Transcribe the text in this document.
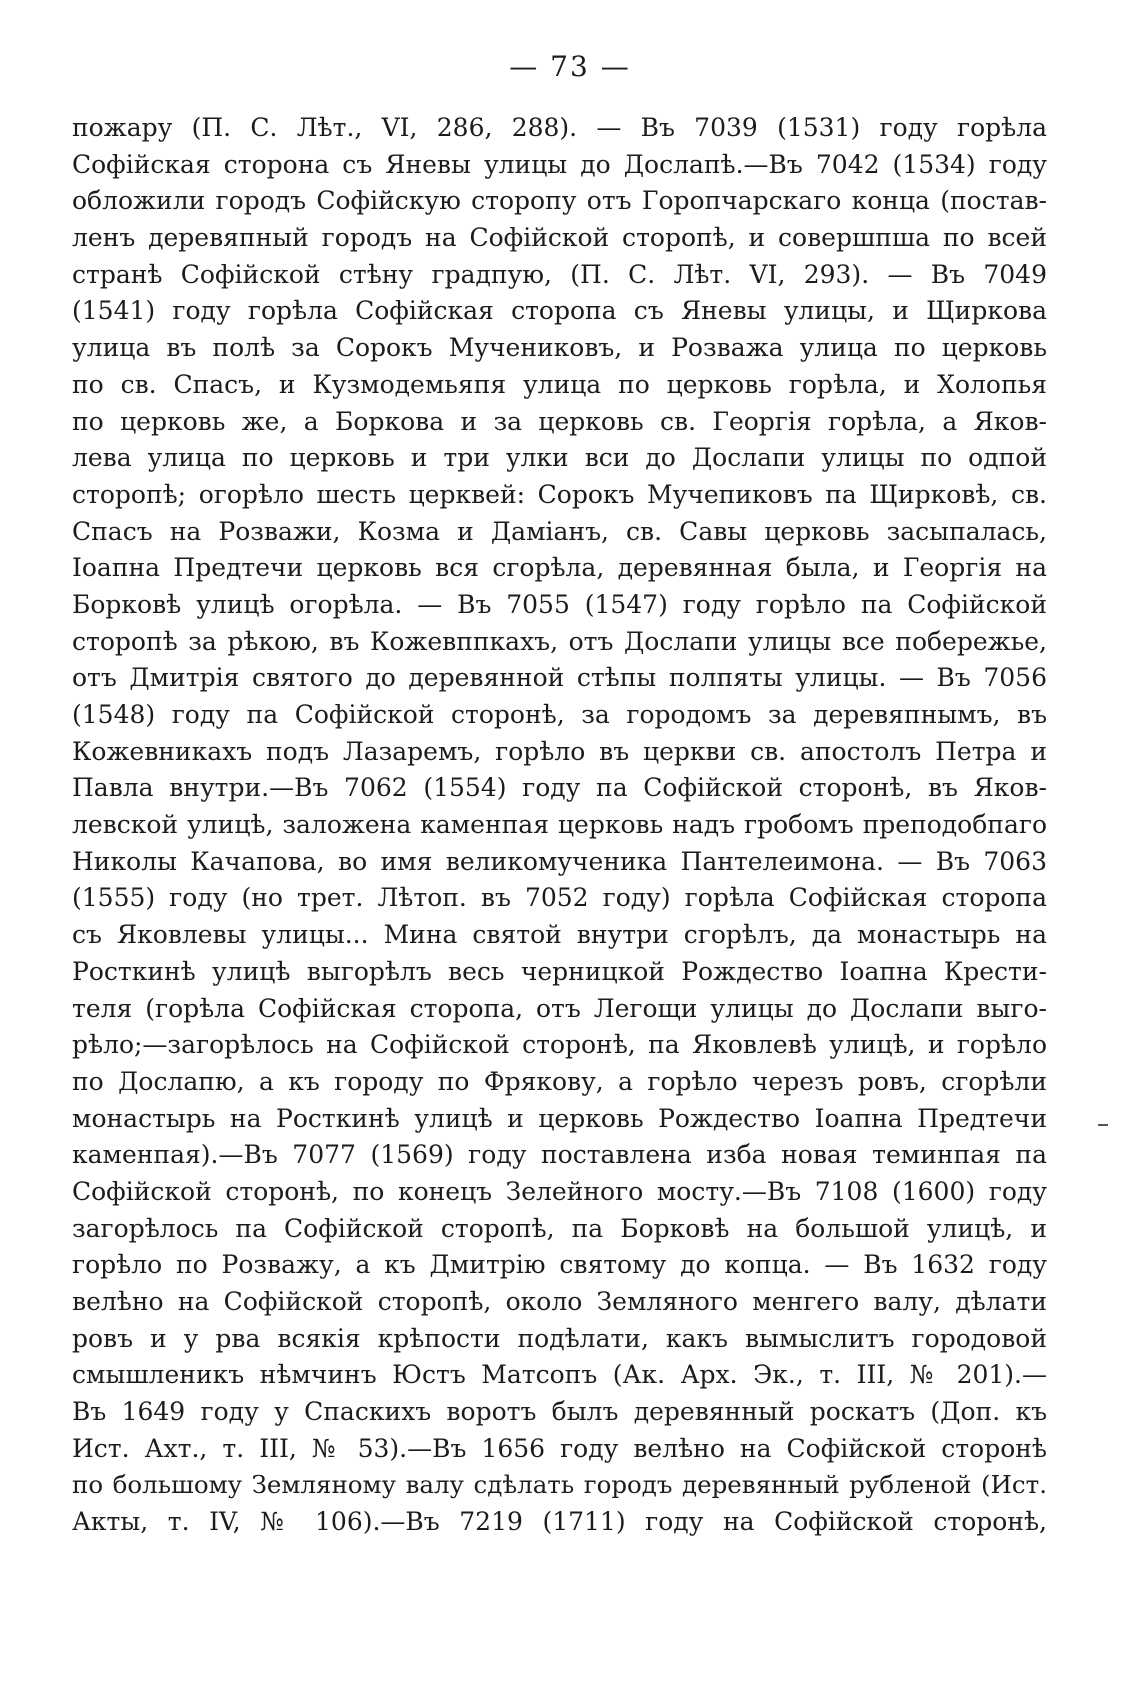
— 73 —
пожару (П. С. Лѣт., VI, 286, 288). — Въ 7039 (1531) году горѣла
Софiйская сторона съ Яневы улицы до Дослапѣ.—Въ 7042 (1534) году
обложили городъ Софiйскую сторопу отъ Горопчарскаго конца (постав-
ленъ деревяпный городъ на Софiйской сторопѣ, и совершпша по всей
странѣ Софiйской стѣну градпую, (П. С. Лѣт. VI, 293). — Въ 7049
(1541) году горѣла Софiйская сторопа съ Яневы улицы, и Щиркова
улица въ полѣ за Сорокъ Мучениковъ, и Розважа улица по церковь
по св. Спасъ, и Кузмодемьяпя улица по церковь горѣла, и Холопья
по церковь же, а Боркова и за церковь св. Георгiя горѣла, а Яков-
лева улица по церковь и три улки вси до Дослапи улицы по одпой
сторопѣ; огорѣло шесть церквей: Сорокъ Мучепиковъ па Щирковѣ, св.
Спасъ на Розважи, Козма и Дамiанъ, св. Савы церковь засыпалась,
Iоапна Предтечи церковь вся сгорѣла, деревянная была, и Георгiя на
Борковѣ улицѣ огорѣла. — Въ 7055 (1547) году горѣло па Софiйской
сторопѣ за рѣкою, въ Кожевппкахъ, отъ Дослапи улицы все побережье,
отъ Дмитрiя святого до деревянной стѣпы полпяты улицы. — Въ 7056
(1548) году па Софiйской сторонѣ, за городомъ за деревяпнымъ, въ
Кожевникахъ подъ Лазаремъ, горѣло въ церкви св. апостолъ Петра и
Павла внутри.—Въ 7062 (1554) году па Софiйской сторонѣ, въ Яков-
левской улицѣ, заложена каменпая церковь надъ гробомъ преподобпаго
Николы Качапова, во имя великомученика Пантелеимона. — Въ 7063
(1555) году (но трет. Лѣтоп. въ 7052 году) горѣла Софiйская сторопа
съ Яковлевы улицы... Мина святой внутри сгорѣлъ, да монастырь на
Росткинѣ улицѣ выгорѣлъ весь черницкой Рождество Iоапна Крести-
теля (горѣла Софiйская сторопа, отъ Легощи улицы до Дослапи выго-
рѣло;—загорѣлось на Софiйской сторонѣ, па Яковлевѣ улицѣ, и горѣло
по Дослапю, а къ городу по Фрякову, а горѣло черезъ ровъ, сгорѣли
монастырь на Росткинѣ улицѣ и церковь Рождество Iоапна Предтечи
каменпая).—Въ 7077 (1569) году поставлена изба новая теминпая па
Софiйской сторонѣ, по конецъ Зелейного мосту.—Въ 7108 (1600) году
загорѣлось па Софiйской сторопѣ, па Борковѣ на большой улицѣ, и
горѣло по Розважу, а къ Дмитрiю святому до копца. — Въ 1632 году
велѣно на Софiйской сторопѣ, около Земляного менгего валу, дѣлати
ровъ и у рва всякiя крѣпости подѣлати, какъ вымыслитъ городовой
смышленикъ нѣмчинъ Юстъ Матсопъ (Ак. Арх. Эк., т. III, № 201).—
Въ 1649 году у Спаскихъ воротъ былъ деревянный роскатъ (Доп. къ
Ист. Ахт., т. III, № 53).—Въ 1656 году велѣно на Софiйской сторонѣ
по большому Земляному валу сдѣлать городъ деревянный рубленой (Ист.
Акты, т. IV, № 106).—Въ 7219 (1711) году на Софiйской сторонѣ,
